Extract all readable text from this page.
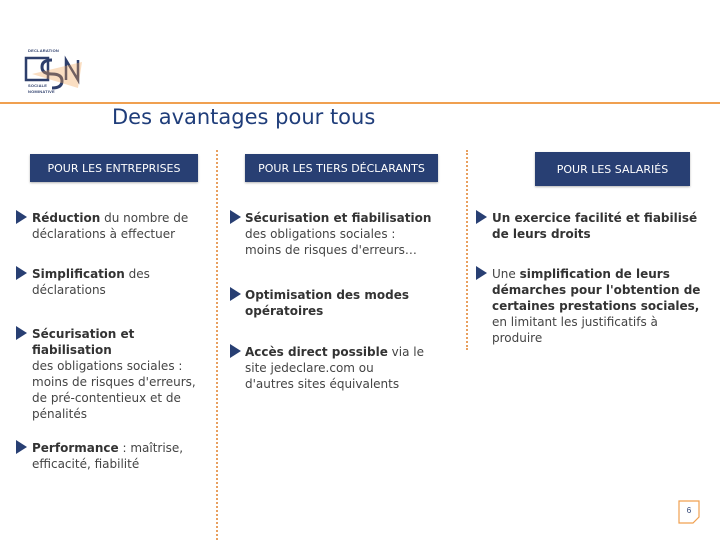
DECLARATION
SOCIALE
NOMINATIVE
Des avantages pour tous
POUR LES ENTREPRISES	POUR LES TIERS DÉCLARANTS	POUR LES SALARIÉS
Réduction du nombre de
déclarations à effectuer
Simplification des
déclarations
Sécurisation et fiabilisation
des obligations sociales :
moins de risques d'erreurs,
de pré-contentieux et de
pénalités
Performance : maîtrise,
efficacité, fiabilité
Sécurisation et fiabilisation
des obligations sociales :
moins de risques d'erreurs…
Optimisation des modes
opératoires
Accès direct possible via le
site jedeclare.com ou
d'autres sites équivalents
Un exercice facilité et fiabilisé
de leurs droits
Une simplification de leurs
démarches pour l'obtention de
certaines prestations sociales,
en limitant les justificatifs à
produire
6
